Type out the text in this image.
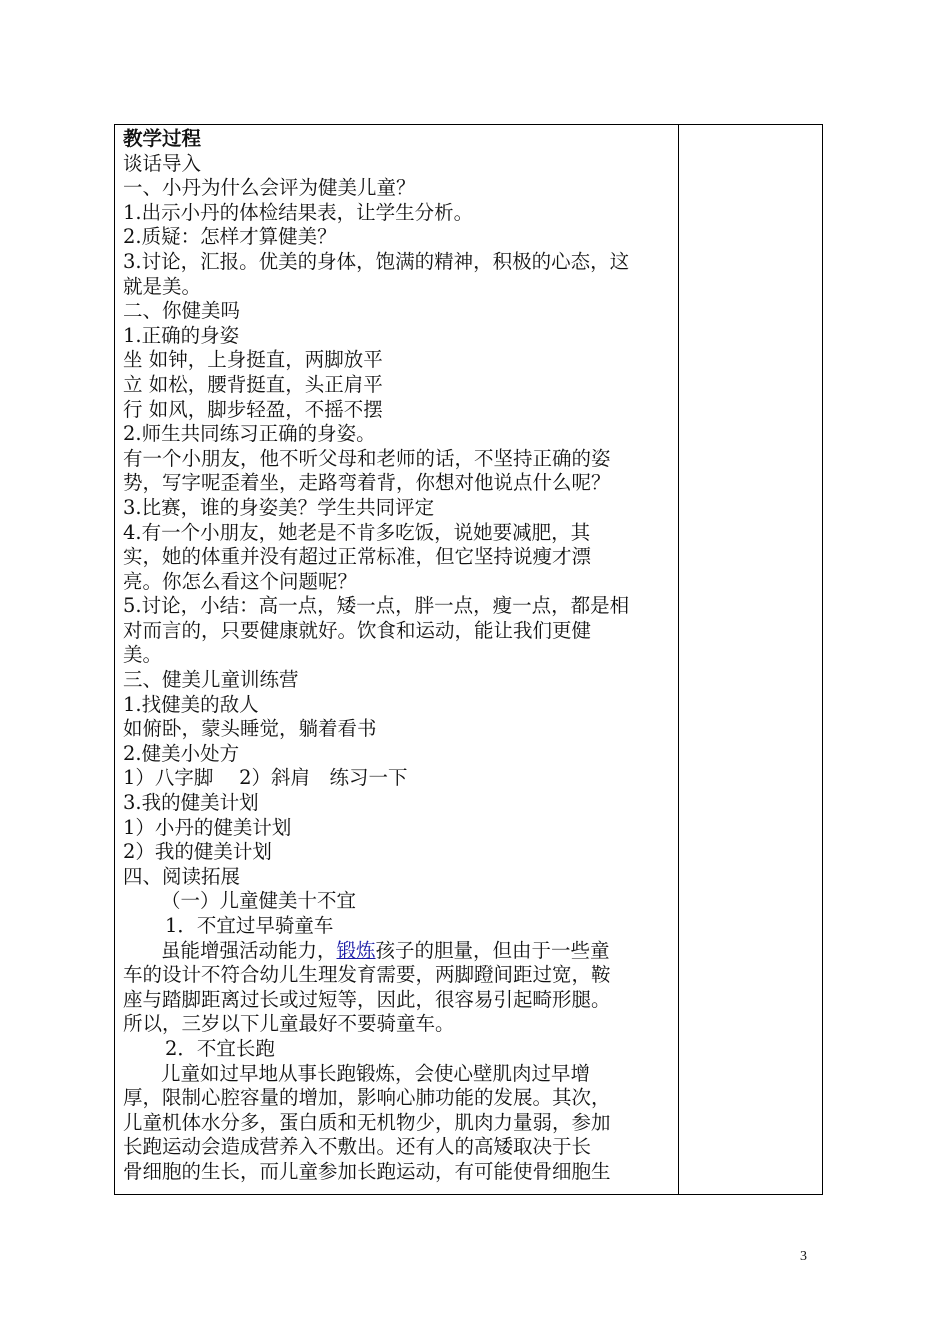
教学过程

谈话导入

一、小丹为什么会评为健美儿童？

1.出示小丹的体检结果表，让学生分析。

2.质疑：怎样才算健美？

3.讨论，汇报。优美的身体，饱满的精神，积极的心态，这

就是美。

二、你健美吗

1.正确的身姿

坐 如钟，上身挺直，两脚放平

立 如松，腰背挺直，头正肩平

行 如风，脚步轻盈，不摇不摆

2.师生共同练习正确的身姿。

有一个小朋友，他不听父母和老师的话，不坚持正确的姿

势，写字呢歪着坐，走路弯着背，你想对他说点什么呢？

3.比赛，谁的身姿美？学生共同评定

4.有一个小朋友，她老是不肯多吃饭，说她要减肥，其

实，她的体重并没有超过正常标准，但它坚持说瘦才漂

亮。你怎么看这个问题呢？

5.讨论，小结：高一点，矮一点，胖一点，瘦一点，都是相

对而言的，只要健康就好。饮食和运动，能让我们更健

美。

三、健美儿童训练营

1.找健美的敌人

如俯卧，蒙头睡觉，躺着看书

2.健美小处方

1）八字脚　 2）斜肩　练习一下

3.我的健美计划

1）小丹的健美计划

2）我的健美计划

四、阅读拓展

（一）儿童健美十不宜

1．不宜过早骑童车

虽能增强活动能力，锻炼孩子的胆量，但由于一些童

车的设计不符合幼儿生理发育需要，两脚蹬间距过宽，鞍

座与踏脚距离过长或过短等，因此，很容易引起畸形腿。

所以，三岁以下儿童最好不要骑童车。

2．不宜长跑

儿童如过早地从事长跑锻炼，会使心壁肌肉过早增

厚，限制心腔容量的增加，影响心肺功能的发展。其次，

儿童机体水分多，蛋白质和无机物少，肌肉力量弱，参加

长跑运动会造成营养入不敷出。还有人的高矮取决于长

骨细胞的生长，而儿童参加长跑运动，有可能使骨细胞生

3
